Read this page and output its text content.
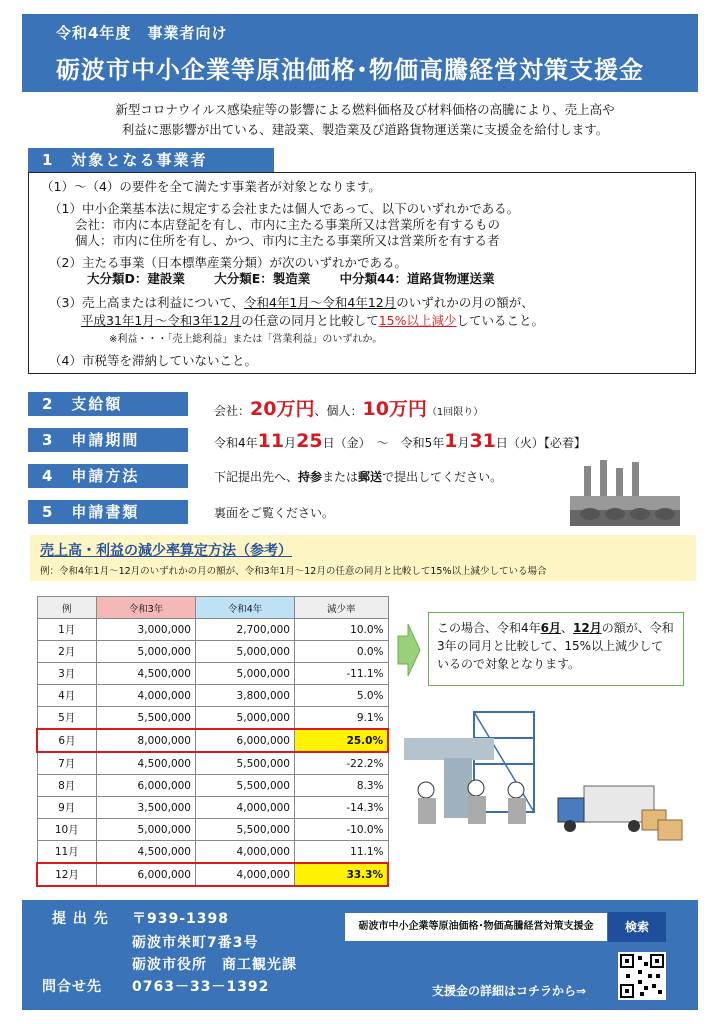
令和4年度　事業者向け
砺波市中小企業等原油価格･物価高騰経営対策支援金
新型コロナウイルス感染症等の影響による燃料価格及び材料価格の高騰により、売上高や
利益に悪影響が出ている、建設業、製造業及び道路貨物運送業に支援金を給付します。
1　対象となる事業者
（1）～（4）の要件を全て満たす事業者が対象となります。
（1）中小企業基本法に規定する会社または個人であって、以下のいずれかである。
会社：市内に本店登記を有し、市内に主たる事業所又は営業所を有するもの
個人：市内に住所を有し、かつ、市内に主たる事業所又は営業所を有する者
（2）主たる事業（日本標準産業分類）が次のいずれかである。
大分類D：建設業　　 大分類E：製造業　　 中分類44：道路貨物運送業
（3）売上高または利益について、令和4年1月～令和4年12月のいずれかの月の額が、
平成31年1月～令和3年12月の任意の同月と比較して15%以上減少していること。
※利益・・・「売上総利益」または「営業利益」のいずれか。
（4）市税等を滞納していないこと。
2　支給額	会社：20万円、個人：10万円（1回限り）
3　申請期間	令和4年11月25日（金）　～　令和5年1月31日（火）【必着】
4　申請方法	下記提出先へ、持参または郵送で提出してください。
5　申請書類	裏面をご覧ください。
売上高・利益の減少率算定方法（参考）
例：令和4年1月～12月のいずれかの月の額が、令和3年1月～12月の任意の同月と比較して15%以上減少している場合
例	令和3年	令和4年	減少率
1月	3,000,000	2,700,000	10.0%
2月	5,000,000	5,000,000	0.0%
3月	4,500,000	5,000,000	-11.1%
4月	4,000,000	3,800,000	5.0%
5月	5,500,000	5,000,000	9.1%
6月	8,000,000	6,000,000	25.0%
7月	4,500,000	5,500,000	-22.2%
8月	6,000,000	5,500,000	8.3%
9月	3,500,000	4,000,000	-14.3%
10月	5,000,000	5,500,000	-10.0%
11月	4,500,000	4,000,000	11.1%
12月	6,000,000	4,000,000	33.3%
この場合、令和4年6月、12月の額が、令和3年の同月と比較して、15%以上減少しているので対象となります。
提 出 先 〒939-1398
砺波市栄町7番3号
砺波市役所　商工観光課
問合せ先 0763－33－1392
砺波市中小企業等原油価格･物価高騰経営対策支援金	検索
支援金の詳細はコチラから⇒
